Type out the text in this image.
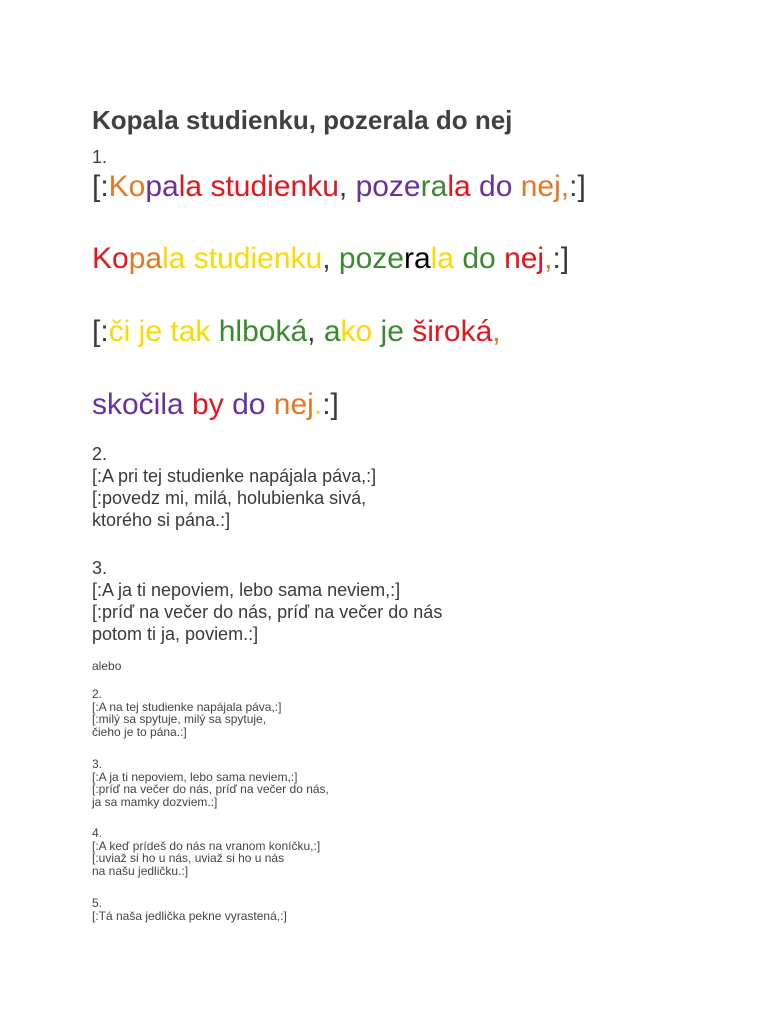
Kopala studienku, pozerala do nej
1.
[:Kopala studienku, pozerala do nej,:]
Kopala studienku, pozerala do nej,:]
[:či je tak hlboká, ako je široká,
skočila by do nej.:]
2.
[:A pri tej studienke napájala páva,:]
[:povedz mi, milá, holubienka sivá,
ktorého si pána.:]
3.
[:A ja ti nepoviem, lebo sama neviem,:]
[:príď na večer do nás, príď na večer do nás
potom ti ja, poviem.:]
alebo
2.
[:A na tej studienke napájala páva,:]
[:milý sa spytuje, milý sa spytuje,
čieho je to pána.:]
3.
[:A ja ti nepoviem, lebo sama neviem,:]
[:príď na večer do nás, príď na večer do nás,
ja sa mamky dozviem.:]
4.
[:A keď prídeš do nás na vranom koníčku,:]
[:uviaž si ho u nás, uviaž si ho u nás
na našu jedličku.:]
5.
[:Tá naša jedlička pekne vyrastená,:]
